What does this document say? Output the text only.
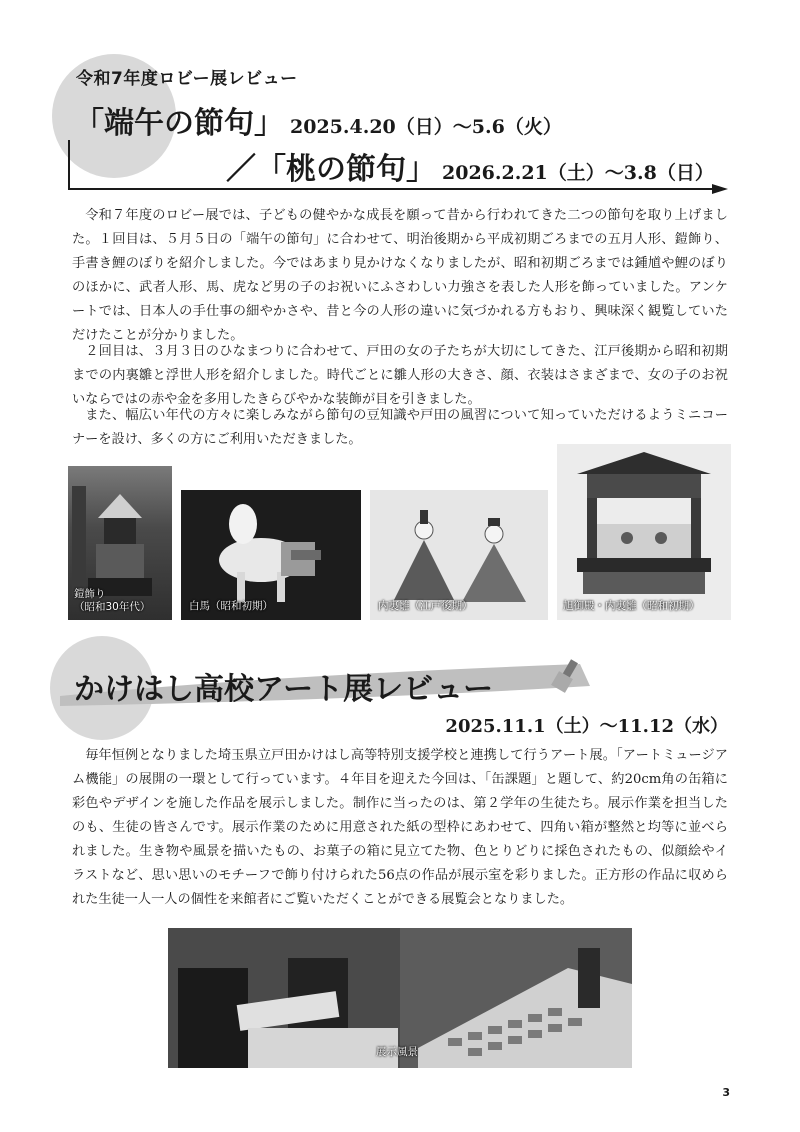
令和7年度ロビー展レビュー
「端午の節句」 2025.4.20（日）～5.6（火）
／「桃の節句」 2026.2.21（土）～3.8（日）

令和７年度のロビー展では、子どもの健やかな成長を願って昔から行われてきた二つの節句を取り上げました。１回目は、５月５日の「端午の節句」に合わせて、明治後期から平成初期ごろまでの五月人形、鎧飾り、手書き鯉のぼりを紹介しました。今ではあまり見かけなくなりましたが、昭和初期ごろまでは鍾馗や鯉のぼりのほかに、武者人形、馬、虎など男の子のお祝いにふさわしい力強さを表した人形を飾っていました。アンケートでは、日本人の手仕事の細やかさや、昔と今の人形の違いに気づかれる方もおり、興味深く観覧していただけたことが分かりました。

２回目は、３月３日のひなまつりに合わせて、戸田の女の子たちが大切にしてきた、江戸後期から昭和初期までの内裏雛と浮世人形を紹介しました。時代ごとに雛人形の大きさ、顔、衣装はさまざまで、女の子のお祝いならではの赤や金を多用したきらびやかな装飾が目を引きました。

また、幅広い年代の方々に楽しみながら節句の豆知識や戸田の風習について知っていただけるようミニコーナーを設け、多くの方にご利用いただきました。

鎧飾り
（昭和30年代）	白馬（昭和初期）	内裏雛（江戸後期）	旭御殿・内裏雛（昭和初期）
かけはし高校アート展レビュー
2025.11.1（土）～11.12（水）

毎年恒例となりました埼玉県立戸田かけはし高等特別支援学校と連携して行うアート展。「アートミュージアム機能」の展開の一環として行っています。４年目を迎えた今回は、「缶課題」と題して、約20cm角の缶箱に彩色やデザインを施した作品を展示しました。制作に当ったのは、第２学年の生徒たち。展示作業を担当したのも、生徒の皆さんです。展示作業のために用意された紙の型枠にあわせて、四角い箱が整然と均等に並べられました。生き物や風景を描いたもの、お菓子の箱に見立てた物、色とりどりに採色されたもの、似顔絵やイラストなど、思い思いのモチーフで飾り付けられた56点の作品が展示室を彩りました。正方形の作品に収められた生徒一人一人の個性を来館者にご覧いただくことができる展覧会となりました。

展示風景
3
